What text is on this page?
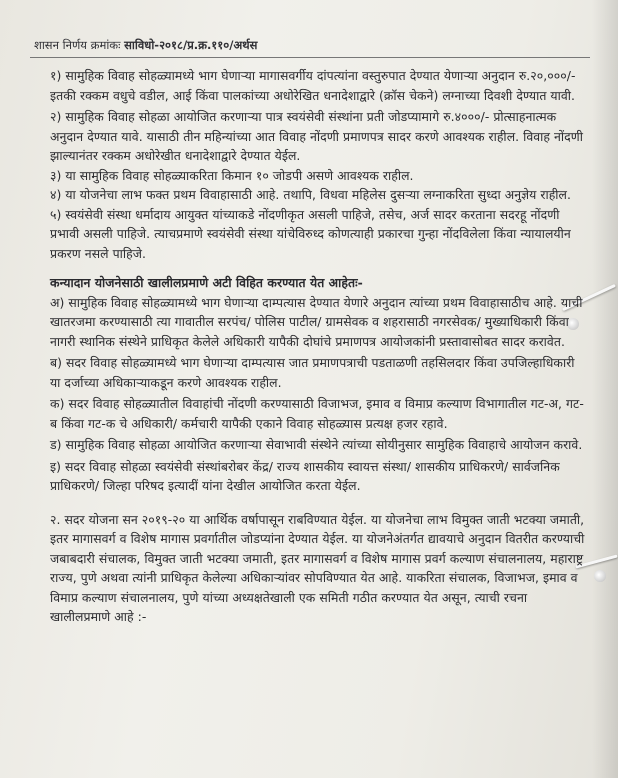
शासन निर्णय क्रमांकः साविधो-२०१८/प्र.क्र.११०/अर्थस

१) सामुहिक विवाह सोहळ्यामध्ये भाग घेणाऱ्या मागासवर्गीय दांपत्यांना वस्तुरुपात देण्यात येणाऱ्या अनुदान रु.२०,०००/- इतकी रक्कम वधुचे वडील, आई किंवा पालकांच्या अधोरेखित धनादेशाद्वारे (क्रॉस चेकने) लग्नाच्या दिवशी देण्यात यावी.

२) सामुहिक विवाह सोहळा आयोजित करणाऱ्या पात्र स्वयंसेवी संस्थांना प्रती जोडप्यामागे रु.४०००/- प्रोत्साहनात्मक अनुदान देण्यात यावे. यासाठी तीन महिन्यांच्या आत विवाह नोंदणी प्रमाणपत्र सादर करणे आवश्यक राहील. विवाह नोंदणी झाल्यानंतर रक्कम अधोरेखीत धनादेशाद्वारे देण्यात येईल.

३) या सामुहिक विवाह सोहळ्याकरिता किमान १० जोडपी असणे आवश्यक राहील.

४) या योजनेचा लाभ फक्त प्रथम विवाहासाठी आहे. तथापि, विधवा महिलेस दुसऱ्या लग्नाकरिता सुध्दा अनुज्ञेय राहील.

५) स्वयंसेवी संस्था धर्मादाय आयुक्त यांच्याकडे नोंदणीकृत असली पाहिजे, तसेच, अर्ज सादर करताना सदरहू नोंदणी प्रभावी असली पाहिजे. त्याचप्रमाणे स्वयंसेवी संस्था यांचेविरुध्द कोणत्याही प्रकारचा गुन्हा नोंदविलेला किंवा न्यायालयीन प्रकरण नसले पाहिजे.

कन्यादान योजनेसाठी खालीलप्रमाणे अटी विहित करण्यात येत आहेतः-

अ) सामुहिक विवाह सोहळ्यामध्ये भाग घेणाऱ्या दाम्पत्यास देण्यात येणारे अनुदान त्यांच्या प्रथम विवाहासाठीच आहे. याची खातरजमा करण्यासाठी त्या गावातील सरपंच/ पोलिस पाटील/ ग्रामसेवक व शहरासाठी नगरसेवक/ मुख्याधिकारी किंवा नागरी स्थानिक संस्थेने प्राधिकृत केलेले अधिकारी यापैकी दोघांचे प्रमाणपत्र आयोजकांनी प्रस्तावासोबत सादर करावेत.

ब) सदर विवाह सोहळ्यामध्ये भाग घेणाऱ्या दाम्पत्यास जात प्रमाणपत्राची पडताळणी तहसिलदार किंवा उपजिल्हाधिकारी या दर्जाच्या अधिकाऱ्याकडून करणे आवश्यक राहील.

क) सदर विवाह सोहळ्यातील विवाहांची नोंदणी करण्यासाठी विजाभज, इमाव व विमाप्र कल्याण विभागातील गट-अ, गट-ब किंवा गट-क चे अधिकारी/ कर्मचारी यापैकी एकाने विवाह सोहळ्यास प्रत्यक्ष हजर रहावे.

ड) सामुहिक विवाह सोहळा आयोजित करणाऱ्या सेवाभावी संस्थेने त्यांच्या सोयीनुसार सामुहिक विवाहाचे आयोजन करावे.

इ) सदर विवाह सोहळा स्वयंसेवी संस्थांबरोबर केंद्र/ राज्य शासकीय स्वायत्त संस्था/ शासकीय प्राधिकरणे/ सार्वजनिक प्राधिकरणे/ जिल्हा परिषद इत्यादीं यांना देखील आयोजित करता येईल.

२. सदर योजना सन २०१९-२० या आर्थिक वर्षापासून राबविण्यात येईल. या योजनेचा लाभ विमुक्त जाती भटक्या जमाती, इतर मागासवर्ग व विशेष मागास प्रवर्गातील जोडप्यांना देण्यात येईल. या योजनेअंतर्गत द्यावयाचे अनुदान वितरीत करण्याची जबाबदारी संचालक, विमुक्त जाती भटक्या जमाती, इतर मागासवर्ग व विशेष मागास प्रवर्ग कल्याण संचालनालय, महाराष्ट्र राज्य, पुणे अथवा त्यांनी प्राधिकृत केलेल्या अधिकाऱ्यांवर सोपविण्यात येत आहे. याकरिता संचालक, विजाभज, इमाव व विमाप्र कल्याण संचालनालय, पुणे यांच्या अध्यक्षतेखाली एक समिती गठीत करण्यात येत असून, त्याची रचना खालीलप्रमाणे आहे :-
